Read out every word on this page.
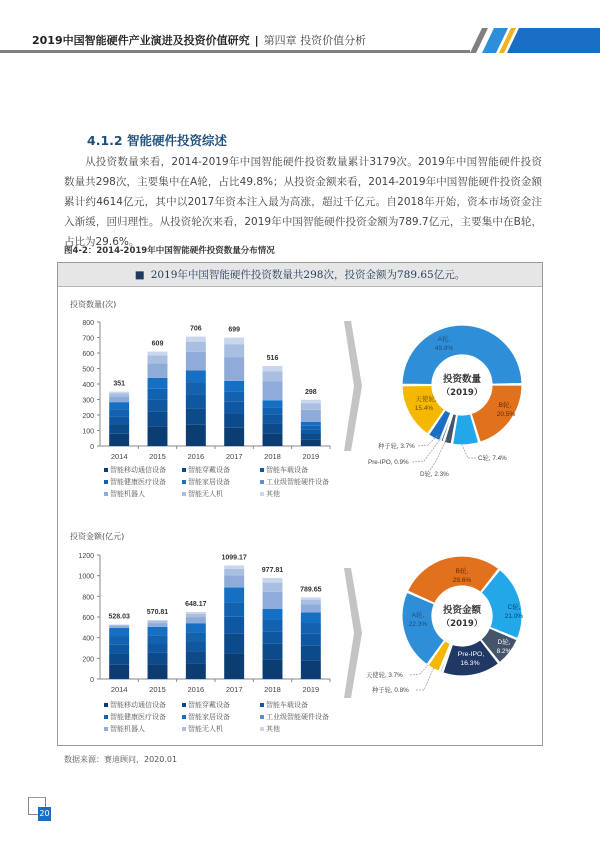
2019中国智能硬件产业演进及投资价值研究 | 第四章 投资价值分析
4.1.2 智能硬件投资综述
从投资数量来看，2014-2019年中国智能硬件投资数量累计3179次。2019年中国智能硬件投资数量共298次，主要集中在A轮，占比49.8%；从投资金额来看，2014-2019年中国智能硬件投资金额累计约4614亿元，其中以2017年资本注入最为高涨，超过千亿元。自2018年开始，资本市场资金注入渐缓，回归理性。从投资轮次来看，2019年中国智能硬件投资金额为789.7亿元，主要集中在B轮，占比为29.6%。
图4-2：2014-2019年中国智能硬件投资数量分布情况
■ 2019年中国智能硬件投资数量共298次，投资金额为789.65亿元。
投资数量(次)
0
100
200
300
400
500
600
700
800
351
2014
609
2015
706
2016
699
2017
516
2018
298
2019
智能移动通信设备	智能穿戴设备	智能车载设备
智能健康医疗设备	智能家居设备	工业级智能硬件设备
智能机器人	智能无人机	其他
投资金额(亿元)
0
200
400
600
800
1000
1200
528.03
2014
570.81
2015
648.17
2016
1099.17
2017
977.81
2018
789.65
2019
智能移动通信设备	智能穿戴设备	智能车载设备
智能健康医疗设备	智能家居设备	工业级智能硬件设备
智能机器人	智能无人机	其他
投资数量
（2019）
A轮,
49.8%
B轮,
20.5%
天使轮,
15.4%
种子轮, 3.7%
Pre-IPO, 0.9%
D轮, 2.3%
C轮, 7.4%
投资金额
（2019）
B轮,
29.6%
C轮,
21.0%
A轮,
22.3%
D轮,
8.2%
Pre-IPO,
16.3%
天使轮, 3.7%
种子轮, 0.8%
数据来源：赛迪顾问，2020.01
20
